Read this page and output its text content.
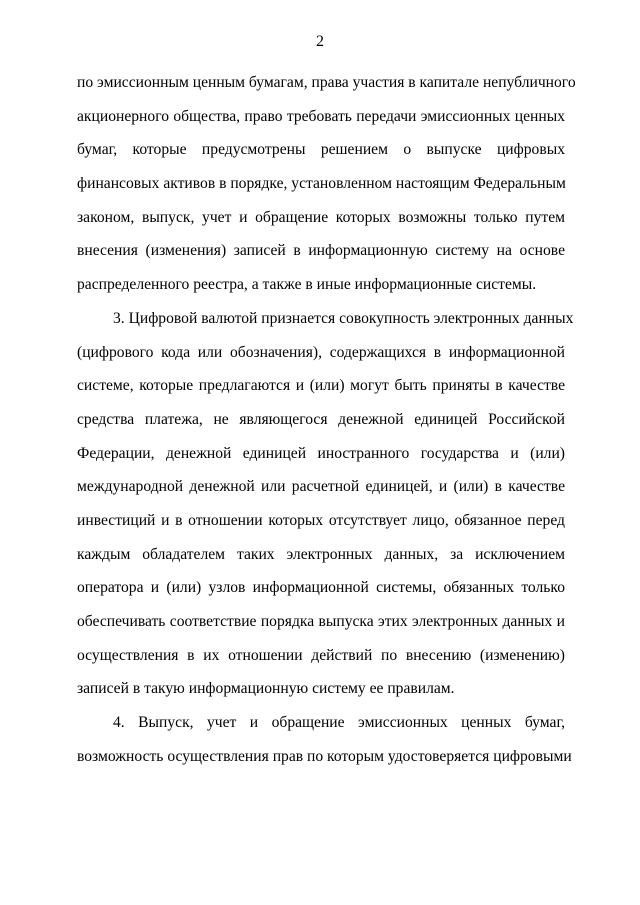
2
по эмиссионным ценным бумагам, права участия в капитале непубличного
акционерного общества, право требовать передачи эмиссионных ценных
бумаг, которые предусмотрены решением о выпуске цифровых
финансовых активов в порядке, установленном настоящим Федеральным
законом, выпуск, учет и обращение которых возможны только путем
внесения (изменения) записей в информационную систему на основе
распределенного реестра, а также в иные информационные системы.
3. Цифровой валютой признается совокупность электронных данных
(цифрового кода или обозначения), содержащихся в информационной
системе, которые предлагаются и (или) могут быть приняты в качестве
средства платежа, не являющегося денежной единицей Российской
Федерации, денежной единицей иностранного государства и (или)
международной денежной или расчетной единицей, и (или) в качестве
инвестиций и в отношении которых отсутствует лицо, обязанное перед
каждым обладателем таких электронных данных, за исключением
оператора и (или) узлов информационной системы, обязанных только
обеспечивать соответствие порядка выпуска этих электронных данных и
осуществления в их отношении действий по внесению (изменению)
записей в такую информационную систему ее правилам.
4. Выпуск, учет и обращение эмиссионных ценных бумаг,
возможность осуществления прав по которым удостоверяется цифровыми
